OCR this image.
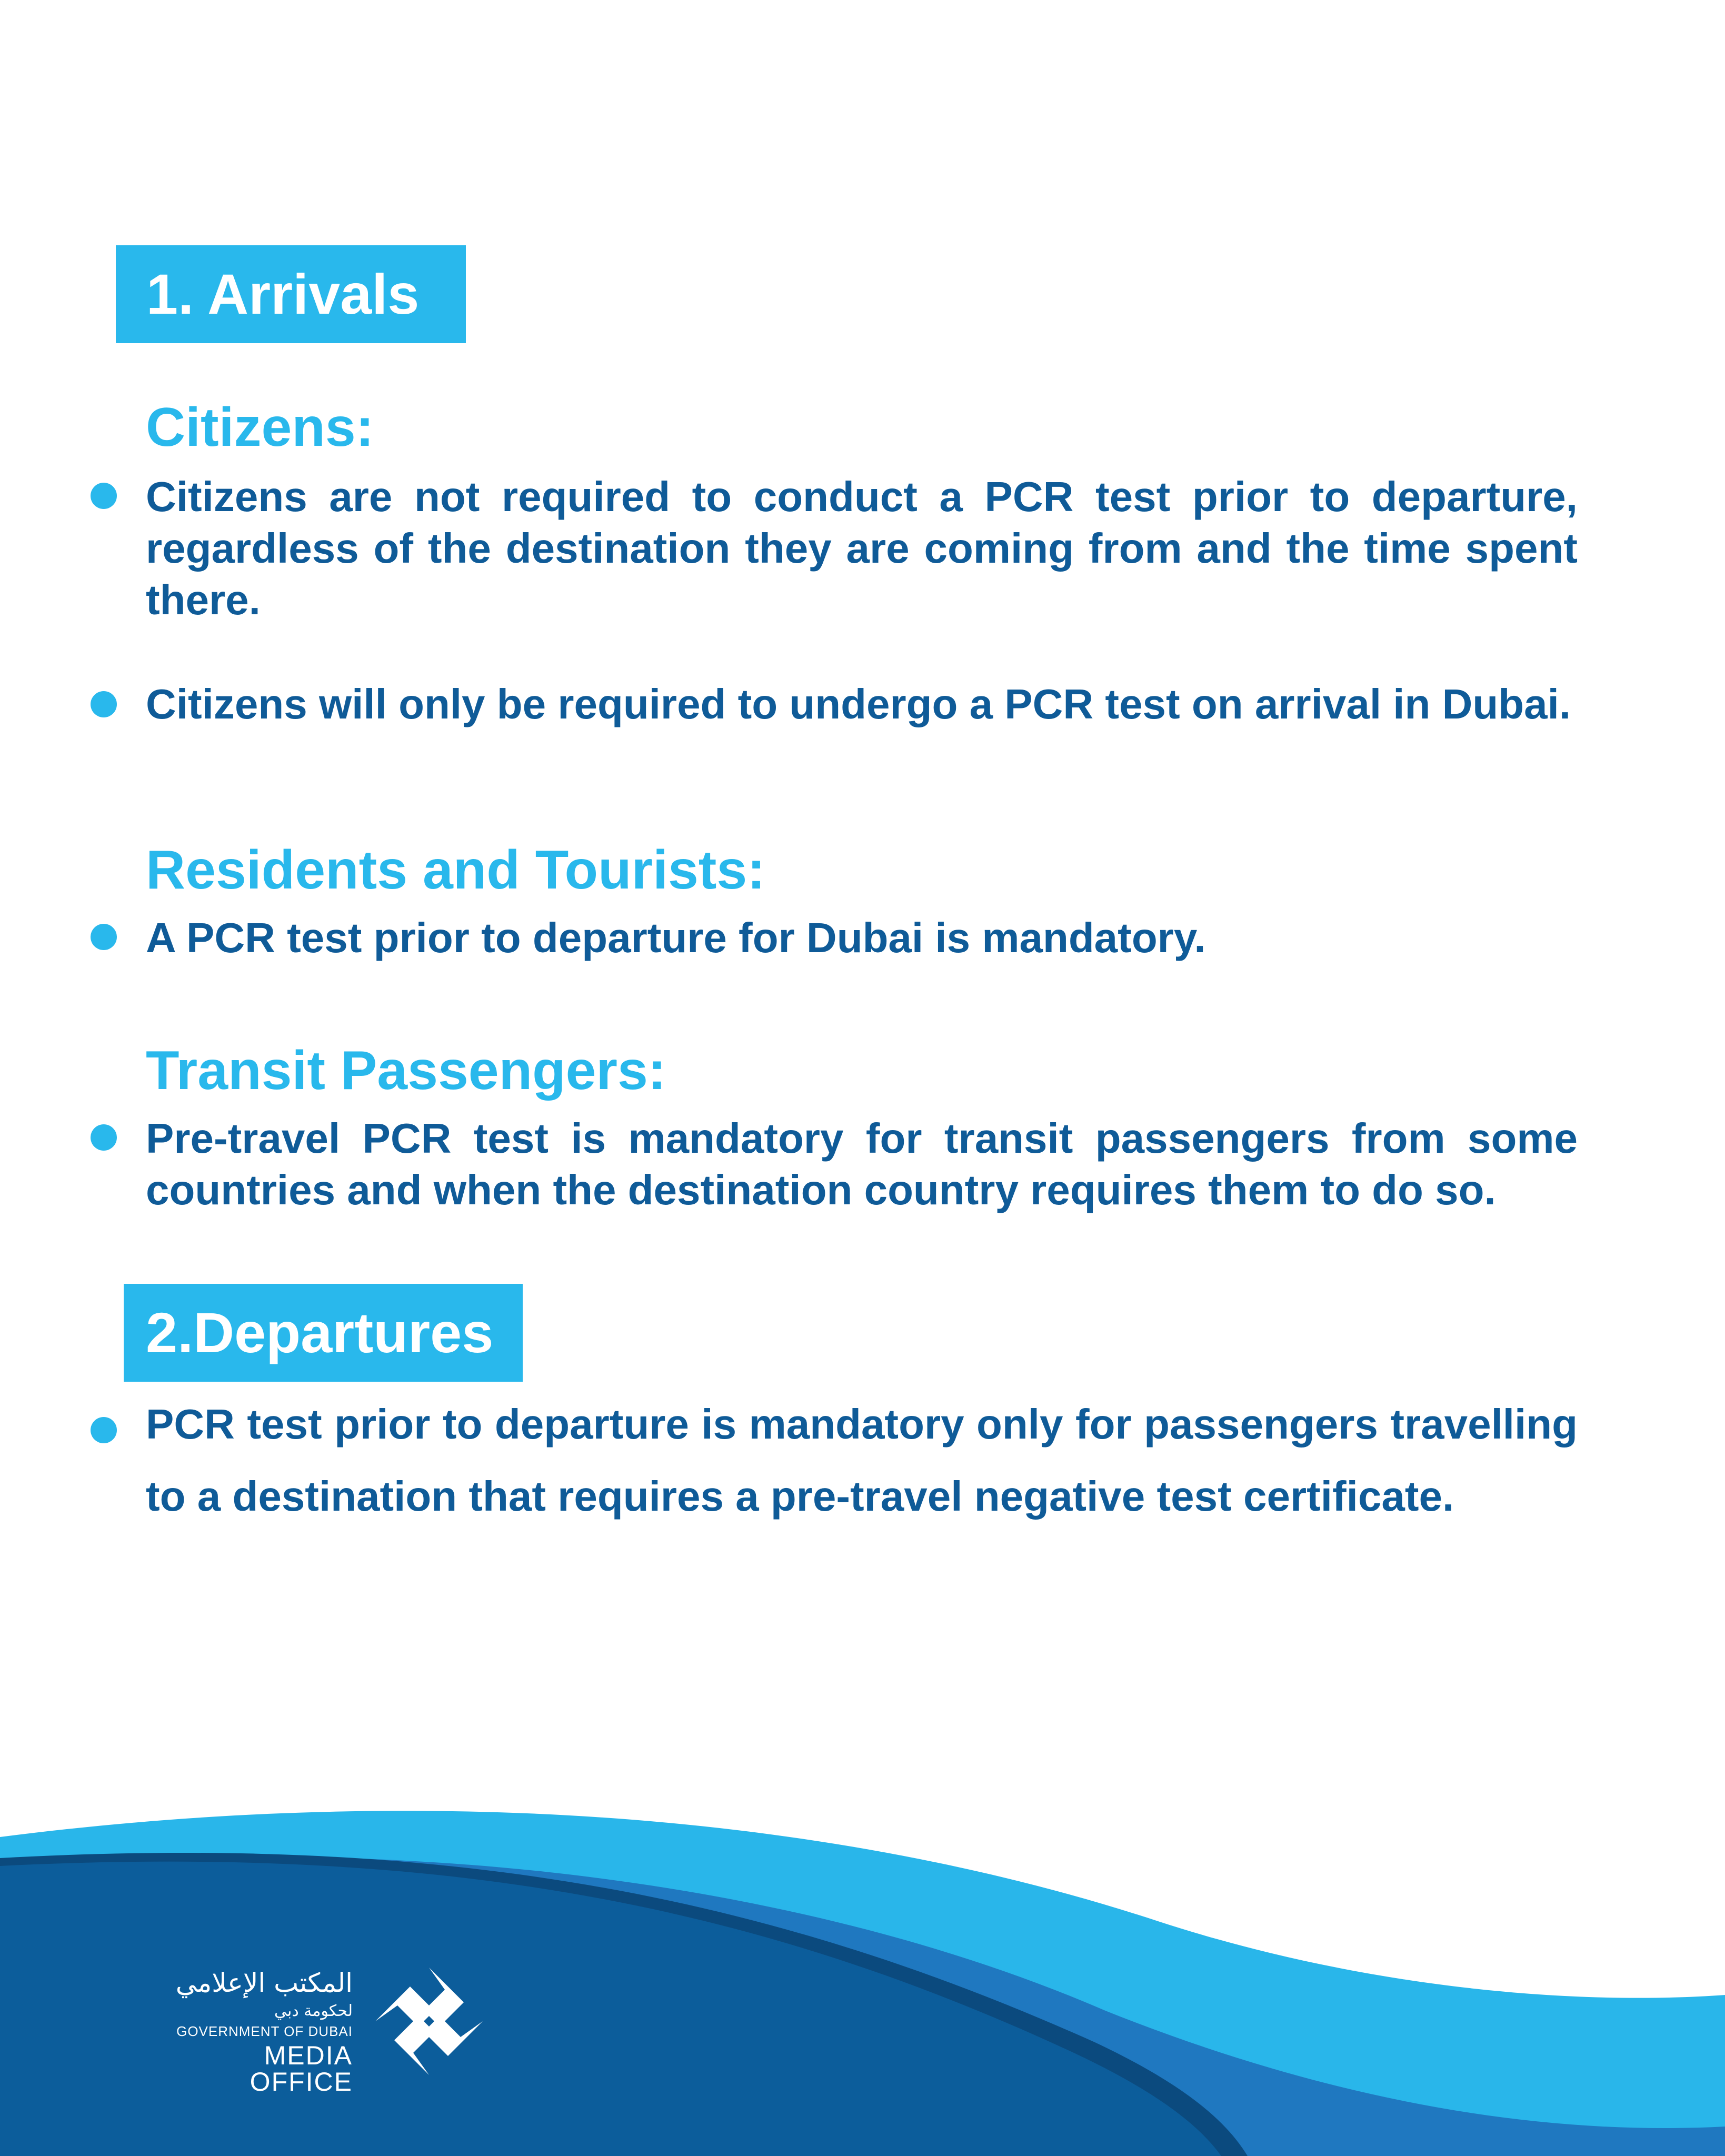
1. Arrivals
Citizens:

Citizens are not required to conduct a PCR test prior to departure, regardless of the destination they are coming from and the time spent there.

Citizens will only be required to undergo a PCR test on arrival in Dubai.

Residents and Tourists:

A PCR test prior to departure for Dubai is mandatory.

Transit Passengers:

Pre-travel PCR test is mandatory for transit passengers from some countries and when the destination country requires them to do so.

2.Departures

PCR test prior to departure is mandatory only for passengers travelling to a destination that requires a pre-travel negative test certificate.

المكتب الإعلامي
لحكومة دبي
GOVERNMENT OF DUBAI
MEDIA OFFICE
